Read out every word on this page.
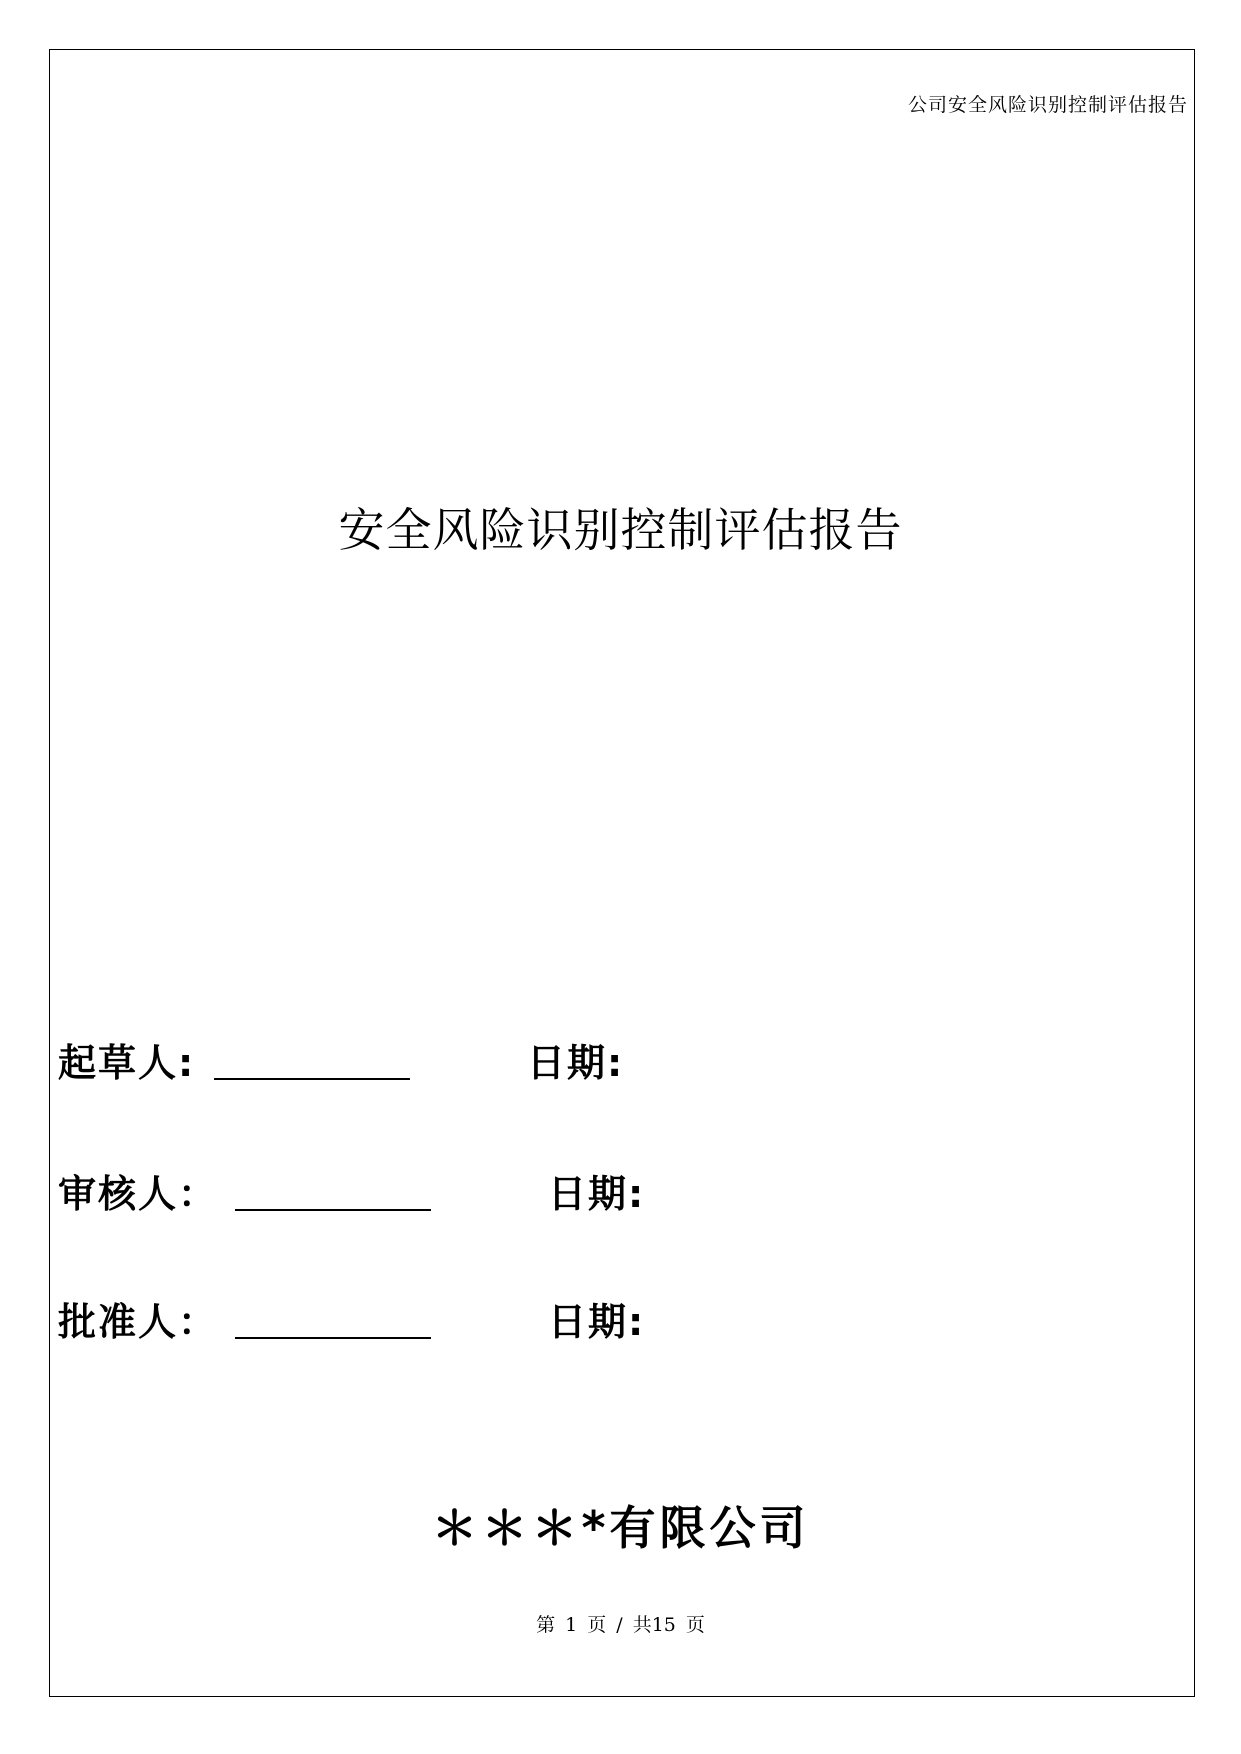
公司安全风险识别控制评估报告
安全风险识别控制评估报告
起草人:	日期:
审核人：	日期:
批准人：	日期:
＊＊＊*有限公司
第 1 页 / 共15 页
